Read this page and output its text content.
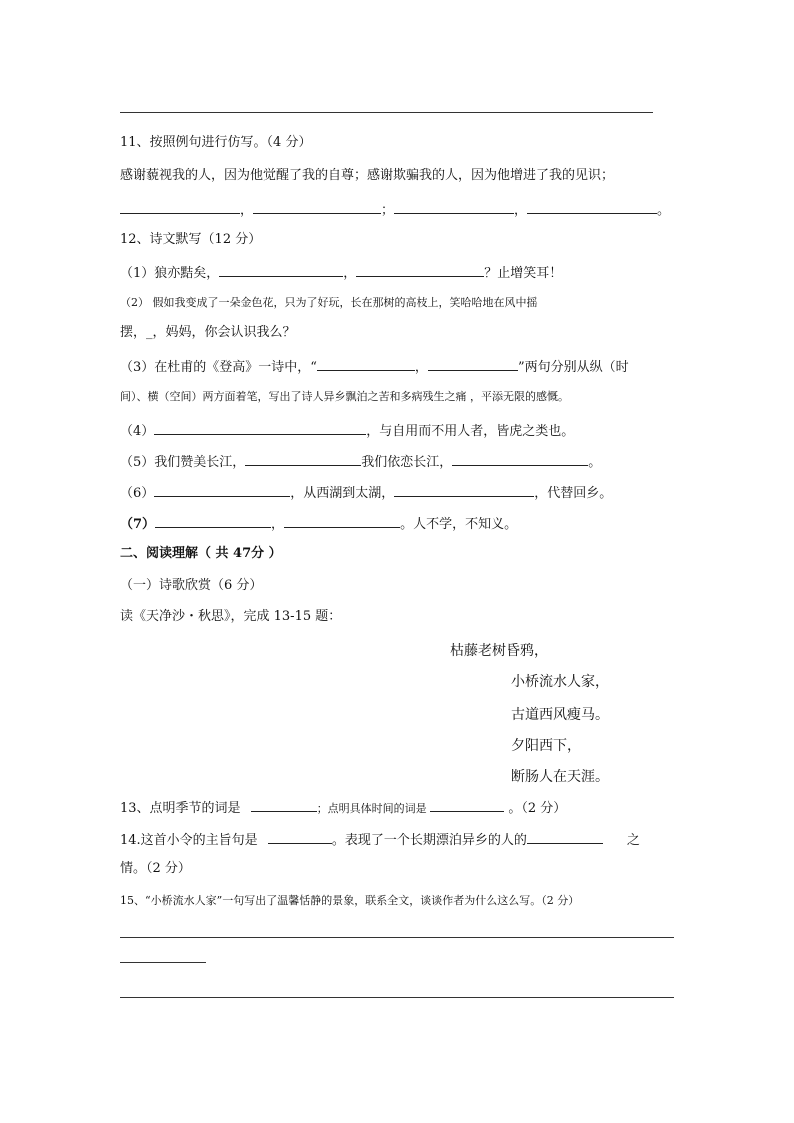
11、按照例句进行仿写。（4 分）
感谢藐视我的人，因为他觉醒了我的自尊；感谢欺骗我的人，因为他增进了我的见识；
，	；	，	。
12、诗文默写（12 分）
（1）狼亦黠矣，	，	？止增笑耳！
（2） 假如我变成了一朵金色花，只为了好玩，长在那树的高枝上，笑哈哈地在风中摇
摆，_，妈妈，你会认识我么？
（3）在杜甫的《登高》一诗中，“	，	”两句分别从纵（时
间）、横（空间）两方面着笔，写出了诗人异乡飘泊之苦和多病残生之痛 ，平添无限的感慨。
（4）	，与自用而不用人者，皆虎之类也。
（5）我们赞美长江，	我们依恋长江，	。
（6）	，从西湖到太湖，	，代替回乡。
（7）	，	。人不学，不知义。
二、阅读理解（ 共 47分 ）
（一）诗歌欣赏（6 分）
读《天净沙・秋思》，完成 13-15 题：
枯藤老树昏鸦，
小桥流水人家，
古道西风瘦马。
夕阳西下，
断肠人在天涯。
13、点明季节的词是	；点明具体时间的词是	。（2 分）
14.这首小令的主旨句是	。表现了一个长期漂泊异乡的人的	之
情。（2 分）
15、“小桥流水人家”一句写出了温馨恬静的景象，联系全文，谈谈作者为什么这么写。（2 分）
